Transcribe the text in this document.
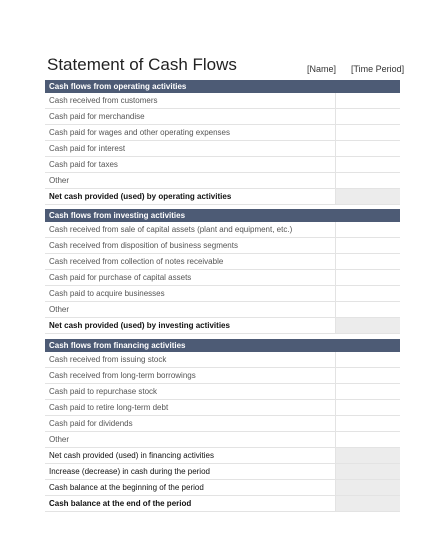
Statement of Cash Flows	[Name] [Time Period]
Cash flows from operating activities
Cash received from customers
Cash paid for merchandise
Cash paid for wages and other operating expenses
Cash paid for interest
Cash paid for taxes
Other
Net cash provided (used) by operating activities
Cash flows from investing activities
Cash received from sale of capital assets (plant and equipment, etc.)
Cash received from disposition of business segments
Cash received from collection of notes receivable
Cash paid for purchase of capital assets
Cash paid to acquire businesses
Other
Net cash provided (used) by investing activities
Cash flows from financing activities
Cash received from issuing stock
Cash received from long-term borrowings
Cash paid to repurchase stock
Cash paid to retire long-term debt
Cash paid for dividends
Other
Net cash provided (used) in financing activities
Increase (decrease) in cash during the period
Cash balance at the beginning of the period
Cash balance at the end of the period
